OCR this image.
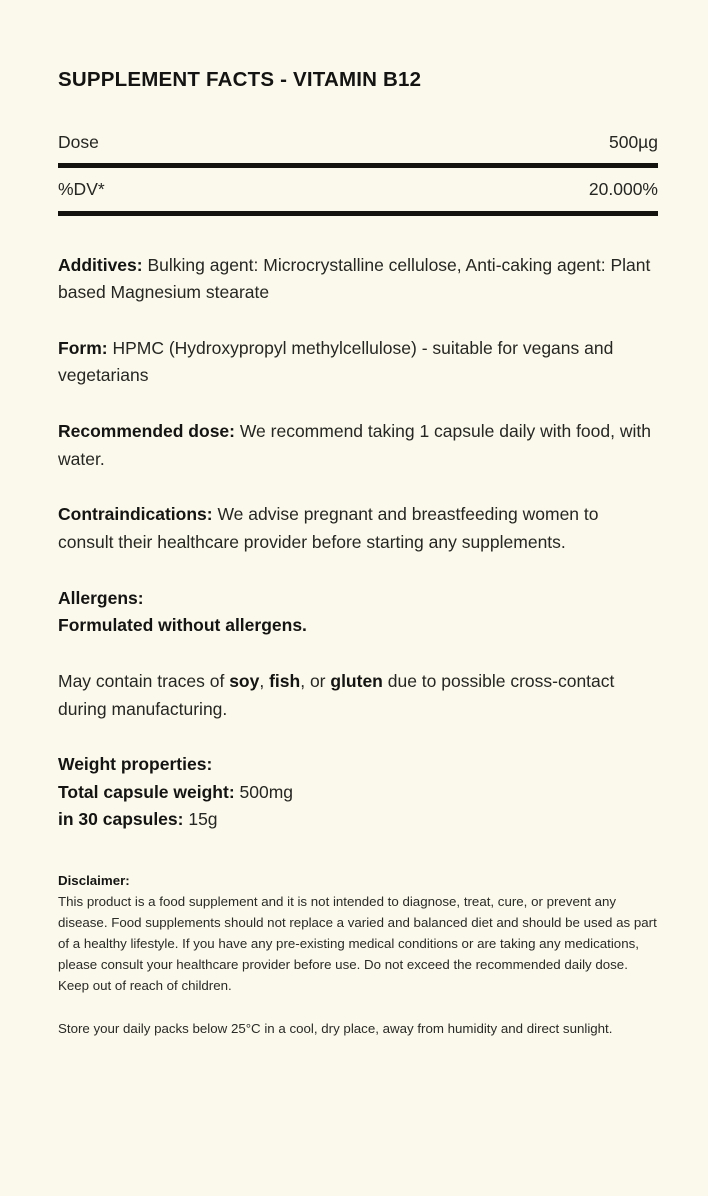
SUPPLEMENT FACTS - VITAMIN B12
Dose	500µg
%DV*	20.000%

Additives: Bulking agent: Microcrystalline cellulose, Anti-caking agent: Plant based Magnesium stearate

Form: HPMC (Hydroxypropyl methylcellulose) - suitable for vegans and vegetarians

Recommended dose: We recommend taking 1 capsule daily with food, with water.

Contraindications: We advise pregnant and breastfeeding women to consult their healthcare provider before starting any supplements.

Allergens:
Formulated without allergens.

May contain traces of soy, fish, or gluten due to possible cross-contact during manufacturing.

Weight properties:
Total capsule weight: 500mg
in 30 capsules: 15g

Disclaimer:
This product is a food supplement and it is not intended to diagnose, treat, cure, or prevent any disease. Food supplements should not replace a varied and balanced diet and should be used as part of a healthy lifestyle. If you have any pre-existing medical conditions or are taking any medications, please consult your healthcare provider before use. Do not exceed the recommended daily dose. Keep out of reach of children.

Store your daily packs below 25°C in a cool, dry place, away from humidity and direct sunlight.
